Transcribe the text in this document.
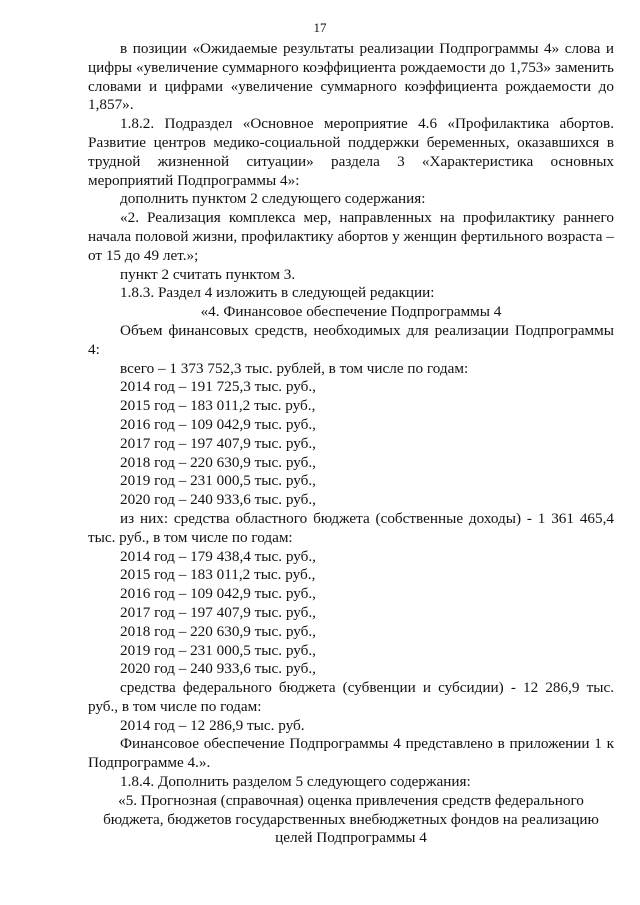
17

в позиции «Ожидаемые результаты реализации Подпрограммы 4» слова и цифры «увеличение суммарного коэффициента рождаемости до 1,753» заменить словами и цифрами «увеличение суммарного коэффициента рождаемости до 1,857».

1.8.2. Подраздел «Основное мероприятие 4.6 «Профилактика абортов. Развитие центров медико-социальной поддержки беременных, оказавшихся в трудной жизненной ситуации» раздела 3 «Характеристика основных мероприятий Подпрограммы 4»:

дополнить пунктом 2 следующего содержания:

«2. Реализация комплекса мер, направленных на профилактику раннего начала половой жизни, профилактику абортов у женщин фертильного возраста – от 15 до 49 лет.»;

пункт 2 считать пунктом 3.

1.8.3. Раздел 4 изложить в следующей редакции:

«4. Финансовое обеспечение Подпрограммы 4

Объем финансовых средств, необходимых для реализации Подпрограммы 4:

всего – 1 373 752,3 тыс. рублей, в том числе по годам:

2014 год – 191 725,3 тыс. руб.,

2015 год – 183 011,2 тыс. руб.,

2016 год – 109 042,9 тыс. руб.,

2017 год – 197 407,9 тыс. руб.,

2018 год – 220 630,9 тыс. руб.,

2019 год – 231 000,5 тыс. руб.,

2020 год – 240 933,6 тыс. руб.,

из них: средства областного бюджета (собственные доходы) - 1 361 465,4 тыс. руб., в том числе по годам:

2014 год – 179 438,4 тыс. руб.,

2015 год – 183 011,2 тыс. руб.,

2016 год – 109 042,9 тыс. руб.,

2017 год – 197 407,9 тыс. руб.,

2018 год – 220 630,9 тыс. руб.,

2019 год – 231 000,5 тыс. руб.,

2020 год – 240 933,6 тыс. руб.,

средства федерального бюджета (субвенции и субсидии) - 12 286,9 тыс. руб., в том числе по годам:

2014 год – 12 286,9 тыс. руб.

Финансовое обеспечение Подпрограммы 4 представлено в приложении 1 к Подпрограмме 4.».

1.8.4. Дополнить разделом 5 следующего содержания:

«5. Прогнозная (справочная) оценка привлечения средств федерального бюджета, бюджетов государственных внебюджетных фондов на реализацию целей Подпрограммы 4
